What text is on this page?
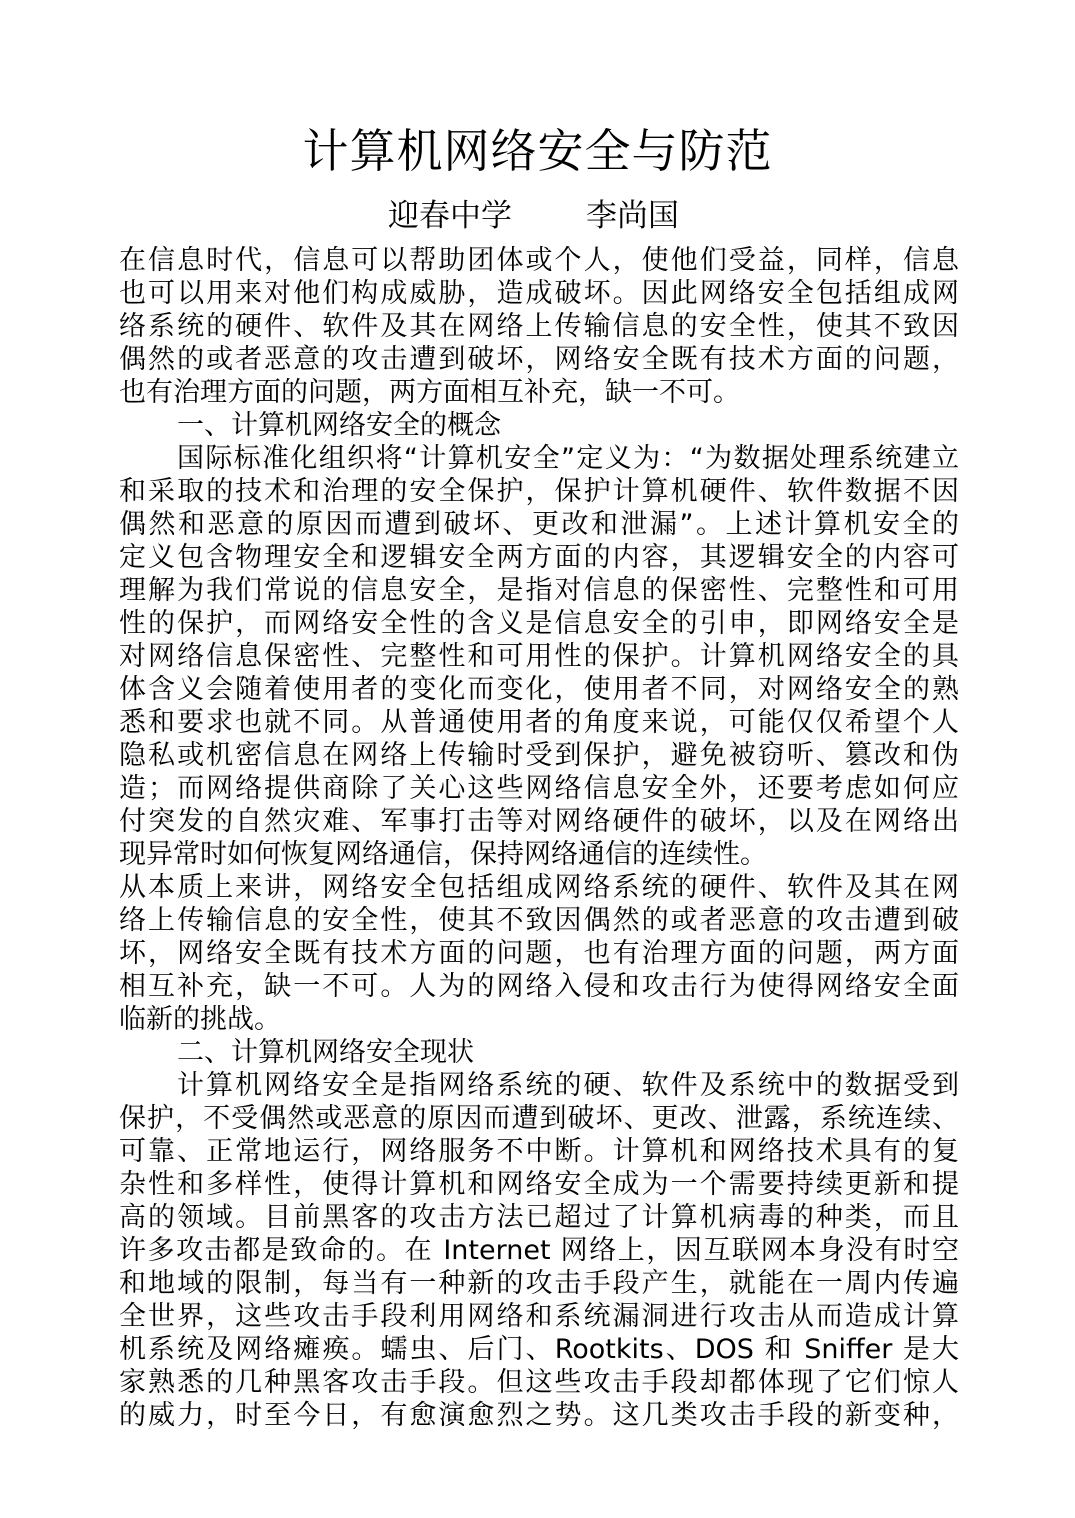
计算机网络安全与防范
迎春中学 李尚国
在信息时代，信息可以帮助团体或个人，使他们受益，同样，信息
也可以用来对他们构成威胁，造成破坏。因此网络安全包括组成网
络系统的硬件、软件及其在网络上传输信息的安全性，使其不致因
偶然的或者恶意的攻击遭到破坏，网络安全既有技术方面的问题，
也有治理方面的问题，两方面相互补充，缺一不可。
一、计算机网络安全的概念
国际标准化组织将“计算机安全”定义为：“为数据处理系统建立
和采取的技术和治理的安全保护，保护计算机硬件、软件数据不因
偶然和恶意的原因而遭到破坏、更改和泄漏”。上述计算机安全的
定义包含物理安全和逻辑安全两方面的内容，其逻辑安全的内容可
理解为我们常说的信息安全，是指对信息的保密性、完整性和可用
性的保护，而网络安全性的含义是信息安全的引申，即网络安全是
对网络信息保密性、完整性和可用性的保护。计算机网络安全的具
体含义会随着使用者的变化而变化，使用者不同，对网络安全的熟
悉和要求也就不同。从普通使用者的角度来说，可能仅仅希望个人
隐私或机密信息在网络上传输时受到保护，避免被窃听、篡改和伪
造；而网络提供商除了关心这些网络信息安全外，还要考虑如何应
付突发的自然灾难、军事打击等对网络硬件的破坏，以及在网络出
现异常时如何恢复网络通信，保持网络通信的连续性。
从本质上来讲，网络安全包括组成网络系统的硬件、软件及其在网
络上传输信息的安全性，使其不致因偶然的或者恶意的攻击遭到破
坏，网络安全既有技术方面的问题，也有治理方面的问题，两方面
相互补充，缺一不可。人为的网络入侵和攻击行为使得网络安全面
临新的挑战。
二、计算机网络安全现状
计算机网络安全是指网络系统的硬、软件及系统中的数据受到
保护，不受偶然或恶意的原因而遭到破坏、更改、泄露，系统连续、
可靠、正常地运行，网络服务不中断。计算机和网络技术具有的复
杂性和多样性，使得计算机和网络安全成为一个需要持续更新和提
高的领域。目前黑客的攻击方法已超过了计算机病毒的种类，而且
许多攻击都是致命的。在 Internet 网络上，因互联网本身没有时空
和地域的限制，每当有一种新的攻击手段产生，就能在一周内传遍
全世界，这些攻击手段利用网络和系统漏洞进行攻击从而造成计算
机系统及网络瘫痪。蠕虫、后门、Rootkits、DOS 和 Sniffer 是大
家熟悉的几种黑客攻击手段。但这些攻击手段却都体现了它们惊人
的威力，时至今日，有愈演愈烈之势。这几类攻击手段的新变种，
